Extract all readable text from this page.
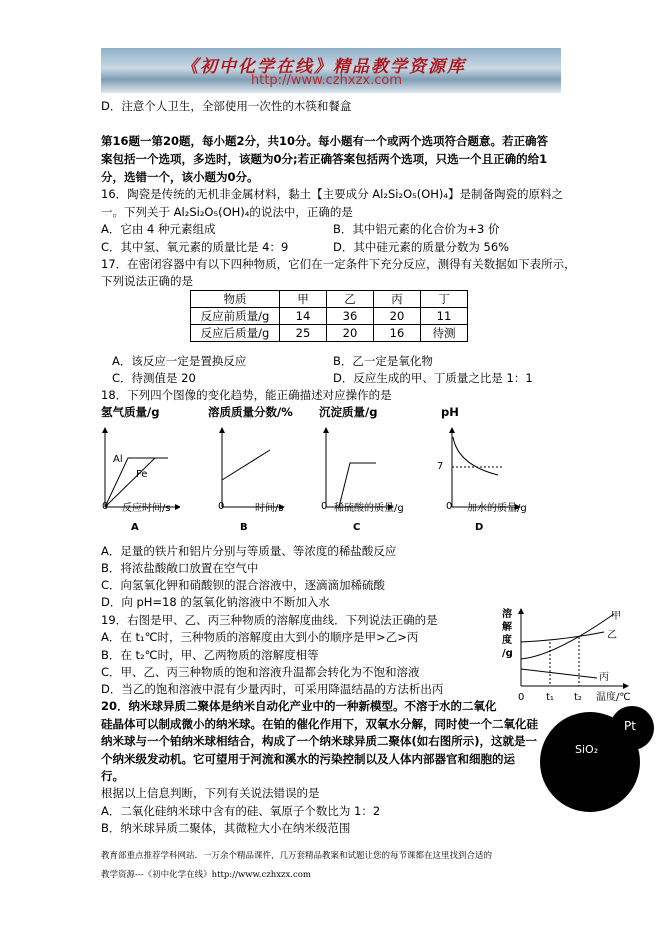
《初中化学在线》精品教学资源库
http://www.czhxzx.com
D．注意个人卫生，全部使用一次性的木筷和餐盒
第16题一第20题，每小题2分，共10分。每小题有一个或两个选项符合题意。若正确答
案包括一个选项，多选时，该题为0分;若正确答案包括两个选项，只选一个且正确的给1
分，选错一个，该小题为0分。
16．陶瓷是传统的无机非金属材料，黏土【主要成分 Al₂Si₂O₅(OH)₄】是制备陶瓷的原料之
一。下列关于 Al₂Si₂O₅(OH)₄的说法中，正确的是
A．它由 4 种元素组成	B．其中铝元素的化合价为+3 价
C．其中氢、氧元素的质量比是 4：9	D．其中硅元素的质量分数为 56%
17．在密闭容器中有以下四种物质，它们在一定条件下充分反应，测得有关数据如下表所示，
下列说法正确的是
物质	甲	乙	丙	丁
反应前质量/g	14	36	20	11
反应后质量/g	25	20	16	待测
A．该反应一定是置换反应	B．乙一定是氧化物
C．待测值是 20	D．反应生成的甲、丁质量之比是 1：1
18．下列四个图像的变化趋势，能正确描述对应操作的是
氢气质量/g
Al
Fe
0 反应时间/s
A
溶质质量分数/%
0	时间/s
B
沉淀质量/g
0 稀硫酸的质量/g
C
pH
7
0 加水的质量/g
D
A．足量的铁片和铝片分别与等质量、等浓度的稀盐酸反应
B．将浓盐酸敞口放置在空气中
C．向氢氧化钾和硝酸钡的混合溶液中，逐滴滴加稀硫酸
D．向 pH=18 的氢氧化钠溶液中不断加入水
19．右图是甲、乙、丙三种物质的溶解度曲线．下列说法正确的是
A．在 t₁℃时，三种物质的溶解度由大到小的顺序是甲>乙>丙
B．在 t₂℃时，甲、乙两物质的溶解度相等
C．甲、乙、丙三种物质的饱和溶液升温都会转化为不饱和溶液
D．当乙的饱和溶液中混有少量丙时，可采用降温结晶的方法析出丙
溶
解
度
/g
甲
乙
丙
0 t₁ t₂ 温度/℃
SiO₂
Pt
20．纳米球异质二聚体是纳米自动化产业中的一种新模型。不溶于水的二氧化
硅晶体可以制成微小的纳米球。在铂的催化作用下，双氧水分解，同时使一个二氧化硅
纳米球与一个铂纳米球相结合，构成了一个纳米球异质二聚体(如右图所示)，这就是一
个纳米级发动机。它可望用于河流和溪水的污染控制以及人体内部器官和细胞的运
行。
根据以上信息判断，下列有关说法错误的是
A．二氧化硅纳米球中含有的硅、氧原子个数比为 1：2
B．纳米球异质二聚体，其微粒大小在纳米级范围
教育部重点推荐学科网站．一万余个精品课件，几万套精品教案和试题让您的每节课都在这里找到合适的
教学资源---《初中化学在线》http://www.czhxzx.com
